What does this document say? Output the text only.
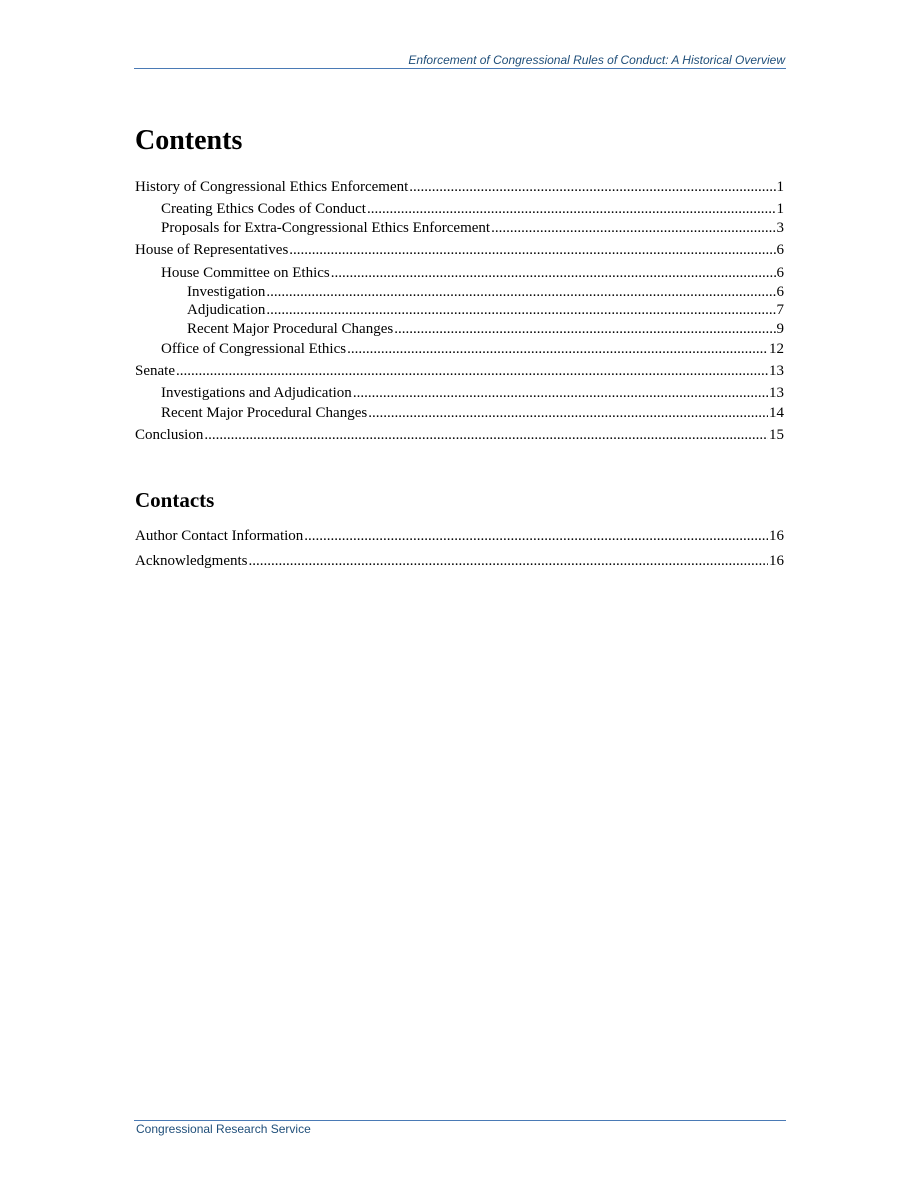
Enforcement of Congressional Rules of Conduct: A Historical Overview
Contents
History of Congressional Ethics Enforcement .....	1
Creating Ethics Codes of Conduct .....	1
Proposals for Extra-Congressional Ethics Enforcement .....	3
House of Representatives .....	6
House Committee on Ethics .....	6
Investigation .....	6
Adjudication .....	7
Recent Major Procedural Changes .....	9
Office of Congressional Ethics .....	12
Senate .....	13
Investigations and Adjudication .....	13
Recent Major Procedural Changes .....	14
Conclusion .....	15
Contacts
Author Contact Information .....	16
Acknowledgments .....	16
Congressional Research Service
